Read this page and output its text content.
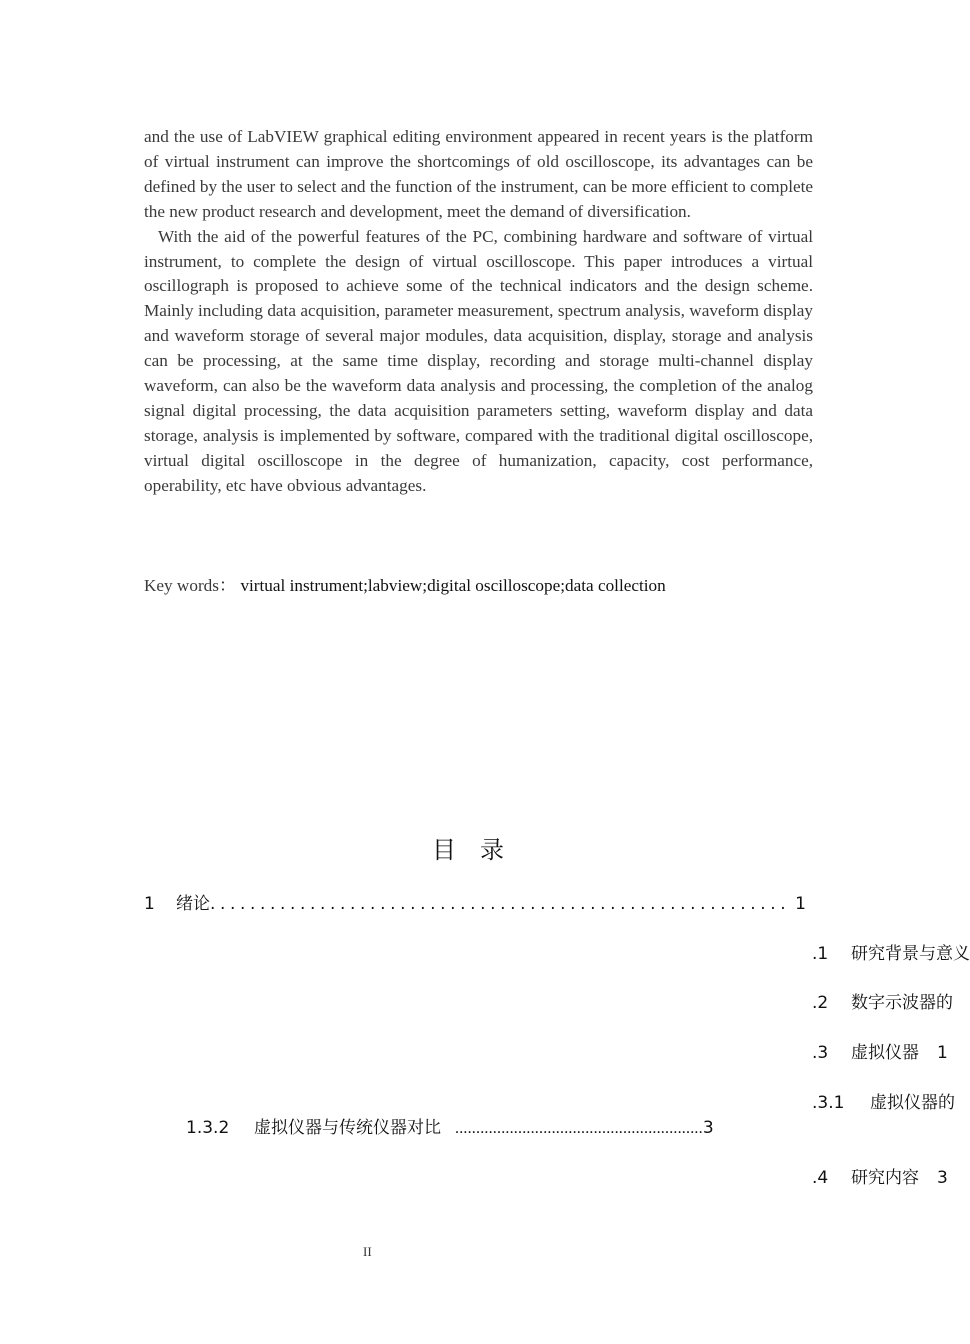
and the use of LabVIEW graphical editing environment appeared in recent years is the platform of virtual instrument can improve the shortcomings of old oscilloscope, its advantages can be defined by the user to select and the function of the instrument, can be more efficient to complete the new product research and development, meet the demand of diversification.

With the aid of the powerful features of the PC, combining hardware and software of virtual instrument, to complete the design of virtual oscilloscope. This paper introduces a virtual oscillograph is proposed to achieve some of the technical indicators and the design scheme. Mainly including data acquisition, parameter measurement, spectrum analysis, waveform display and waveform storage of several major modules, data acquisition, display, storage and analysis can be processing, at the same time display, recording and storage multi-channel display waveform, can also be the waveform data analysis and processing, the completion of the analog signal digital processing, the data acquisition parameters setting, waveform display and data storage, analysis is implemented by software, compared with the traditional digital oscilloscope, virtual digital oscilloscope in the degree of humanization, capacity, cost performance, operability, etc have obvious advantages.

Key words： virtual instrument;labview;digital oscilloscope;data collection
目录
1	绪论 .......................................................... 1
.1 研究背景与意义
.2 数字示波器的
.3 虚拟仪器 1
.3.1 虚拟仪器的
1.3.2 虚拟仪器与传统仪器对比 ...........................................................3
.4 研究内容 3
II
